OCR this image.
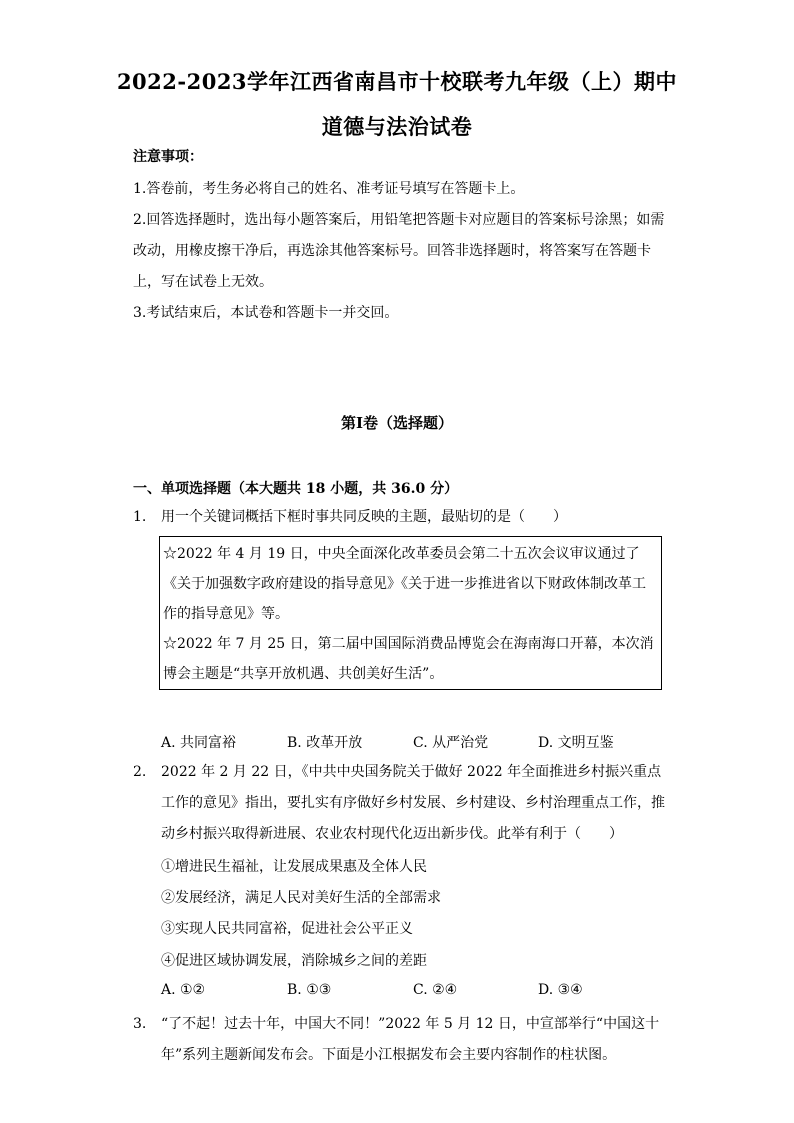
2022-2023学年江西省南昌市十校联考九年级（上）期中
道德与法治试卷
注意事项：
1.答卷前，考生务必将自己的姓名、准考证号填写在答题卡上。
2.回答选择题时，选出每小题答案后，用铅笔把答题卡对应题目的答案标号涂黑；如需改动，用橡皮擦干净后，再选涂其他答案标号。回答非选择题时，将答案写在答题卡上，写在试卷上无效。
3.考试结束后，本试卷和答题卡一并交回。
第Ⅰ卷（选择题）
一、单项选择题（本大题共 18 小题，共 36.0 分）
1. 用一个关键词概括下框时事共同反映的主题，最贴切的是（　　）

☆2022 年 4 月 19 日，中央全面深化改革委员会第二十五次会议审议通过了《关于加强数字政府建设的指导意见》《关于进一步推进省以下财政体制改革工作的指导意见》等。

☆2022 年 7 月 25 日，第二届中国国际消费品博览会在海南海口开幕，本次消博会主题是“共享开放机遇、共创美好生活”。

A. 共同富裕	B. 改革开放	C. 从严治党	D. 文明互鉴
2. 2022 年 2 月 22 日，《中共中央国务院关于做好 2022 年全面推进乡村振兴重点工作的意见》指出，要扎实有序做好乡村发展、乡村建设、乡村治理重点工作，推动乡村振兴取得新进展、农业农村现代化迈出新步伐。此举有利于（　　）
①增进民生福祉，让发展成果惠及全体人民
②发展经济，满足人民对美好生活的全部需求
③实现人民共同富裕，促进社会公平正义
④促进区域协调发展，消除城乡之间的差距
A. ①②	B. ①③	C. ②④	D. ③④
3. “了不起！过去十年，中国大不同！”2022 年 5 月 12 日，中宣部举行“中国这十年”系列主题新闻发布会。下面是小江根据发布会主要内容制作的柱状图。
